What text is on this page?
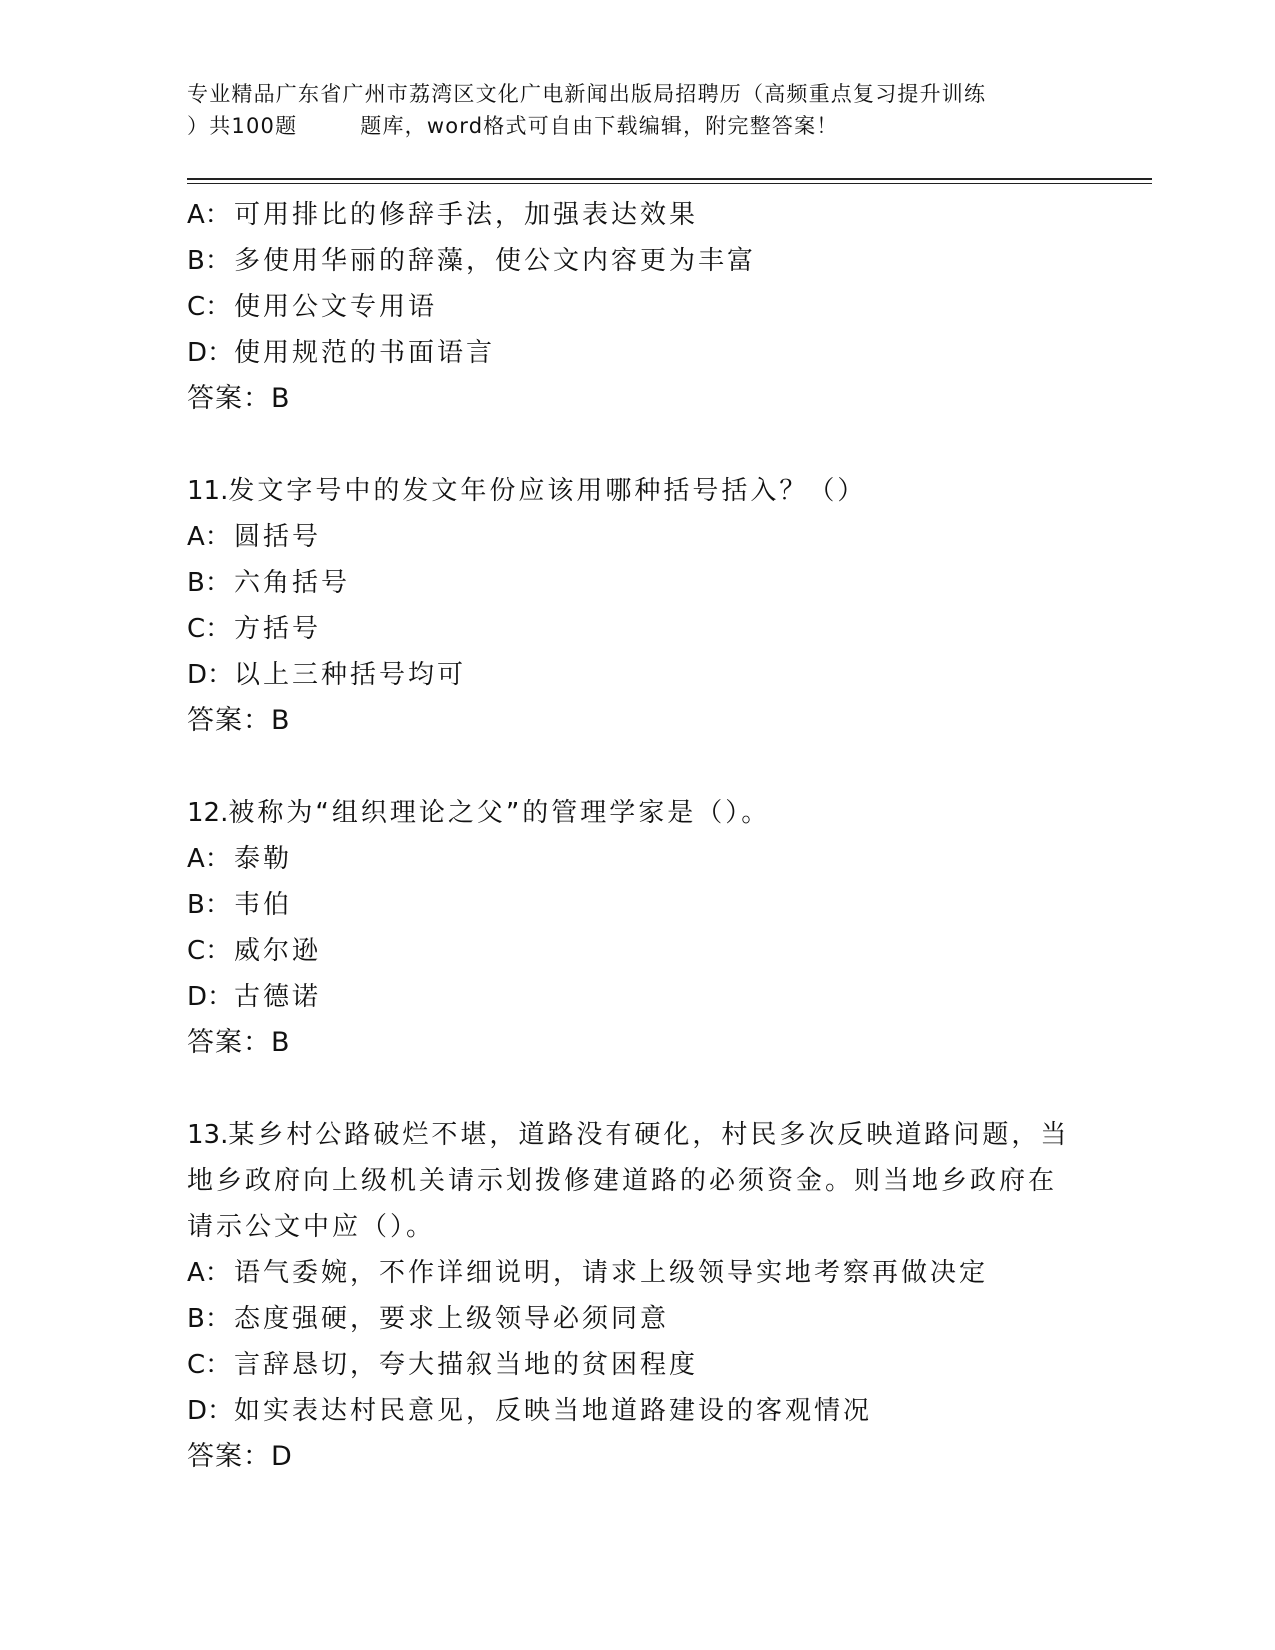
专业精品广东省广州市荔湾区文化广电新闻出版局招聘历（高频重点复习提升训练
）共100题        题库，word格式可自由下载编辑，附完整答案！
A： 可用排比的修辞手法，加强表达效果
B： 多使用华丽的辞藻，使公文内容更为丰富
C： 使用公文专用语
D：使用规范的书面语言
答案：B
11.发文字号中的发文年份应该用哪种括号括入？（）
A： 圆括号
B： 六角括号
C： 方括号
D：以上三种括号均可
答案：B
12.被称为“组织理论之父”的管理学家是（）。
A： 泰勒
B： 韦伯
C： 威尔逊
D：古德诺
答案：B
13.某乡村公路破烂不堪，道路没有硬化，村民多次反映道路问题，当
地乡政府向上级机关请示划拨修建道路的必须资金。则当地乡政府在
请示公文中应（）。
A： 语气委婉，不作详细说明，请求上级领导实地考察再做决定
B： 态度强硬，要求上级领导必须同意
C： 言辞恳切，夸大描叙当地的贫困程度
D：如实表达村民意见，反映当地道路建设的客观情况
答案：D
